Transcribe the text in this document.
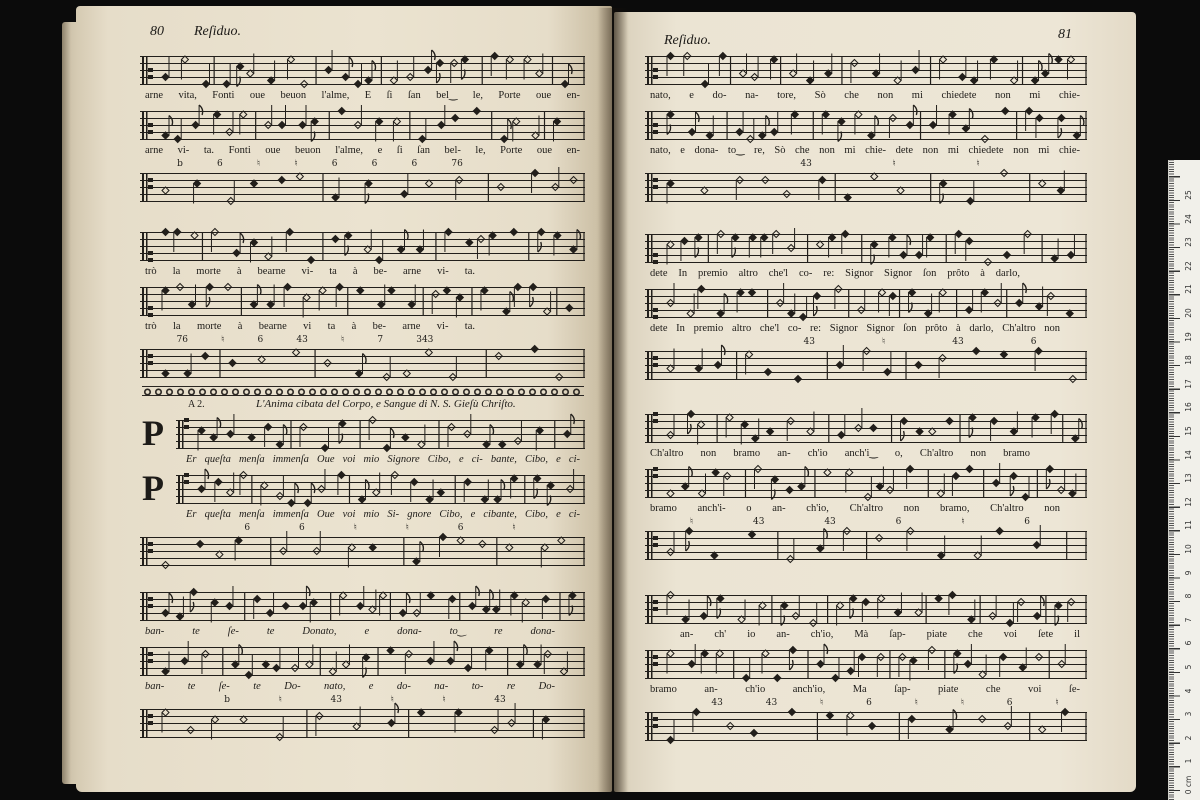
80 Reſiduo.
arne vita, Fonti oue beuon l'alme, E ſi ſan bel‿ le, Porte oue en-
arne vi- ta. Fonti oue beuon l'alme, e ſi ſan bel- le, Porte oue en-
b	6	♮	♮	6	6	6	76
trò la morte à bearne vi- ta à be- arne vi- ta.
trò la morte à bearne vi ta à be- arne vi- ta.
76	♮	6	43	♮	7	343
A 2.	L'Anima cibata del Corpo, e Sangue di N. S. Gieſù Chriſto.
P
Er queſta menſa immenſa Oue voi mio Signore Cibo, e ci- bante, Cibo, e ci-
P
Er queſta menſa immenſa Oue voi mio Si- gnore Cibo, e cibante, Cibo, e ci-
6	6	♮	♮	6	♮
ban- te ſe- te Donato, e dona- to‿ re dona-
ban- te ſe- te Do- nato, e do- na- to- re Do-
b	♮	43	♮	♮	43
Reſiduo.	81
nato, e do- na- tore, Sò che non mi chiedete non mi chie-
nato, e dona- to‿ re, Sò che non mi chie- dete non mi chiedete non mi chie-
43	♮	♮
dete In premio altro che'l co- re: Signor Signor ſon prôto à darlo,
dete In premio altro che'l co- re: Signor Signor ſon prôto à darlo, Ch'altro non
43	♮	43	6
Ch'altro non bramo an- ch'io anch'i‿ o, Ch'altro non bramo
bramo anch'i- o an- ch'io, Ch'altro non bramo, Ch'altro non
♮	43	43	6	♮	6
an- ch' io an- ch'io, Mà ſap- piate che voi ſete il
bramo an- ch'io anch'io, Ma ſap- piate che voi ſe-
43	43	♮	6	♮	♮	6	♮
0 cm
1
2
3
4
5
6
7
8
9
10
11
12
13
14
15
16
17
18
19
20
21
22
23
24
25
